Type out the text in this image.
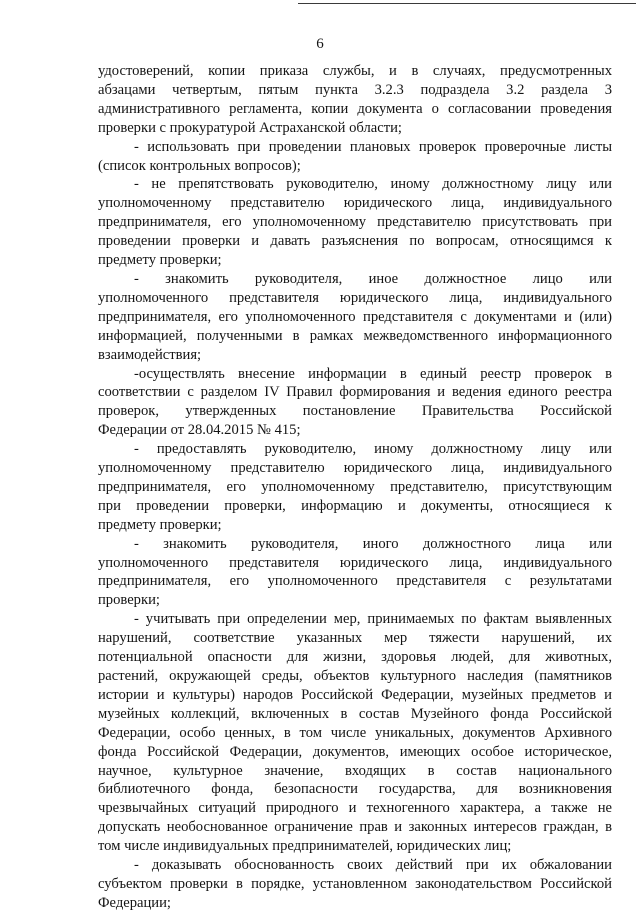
6

удостоверений, копии приказа службы, и в случаях, предусмотренных

абзацами четвертым, пятым пункта 3.2.3 подраздела 3.2 раздела 3

административного регламента, копии документа о согласовании проведения

проверки с прокуратурой Астраханской области;

- использовать при проведении плановых проверок проверочные листы

(список контрольных вопросов);

- не препятствовать руководителю, иному должностному лицу или

уполномоченному представителю юридического лица, индивидуального

предпринимателя, его уполномоченному представителю присутствовать при

проведении проверки и давать разъяснения по вопросам, относящимся к

предмету проверки;

- знакомить руководителя, иное должностное лицо или

уполномоченного представителя юридического лица, индивидуального

предпринимателя, его уполномоченного представителя с документами и (или)

информацией, полученными в рамках межведомственного информационного

взаимодействия;

-осуществлять внесение информации в единый реестр проверок в

соответствии с разделом IV Правил формирования и ведения единого реестра

проверок, утвержденных постановление Правительства Российской

Федерации от 28.04.2015 № 415;

- предоставлять руководителю, иному должностному лицу или

уполномоченному представителю юридического лица, индивидуального

предпринимателя, его уполномоченному представителю, присутствующим

при проведении проверки, информацию и документы, относящиеся к

предмету проверки;

- знакомить руководителя, иного должностного лица или

уполномоченного представителя юридического лица, индивидуального

предпринимателя, его уполномоченного представителя с результатами

проверки;

- учитывать при определении мер, принимаемых по фактам выявленных

нарушений, соответствие указанных мер тяжести нарушений, их

потенциальной опасности для жизни, здоровья людей, для животных,

растений, окружающей среды, объектов культурного наследия (памятников

истории и культуры) народов Российской Федерации, музейных предметов и

музейных коллекций, включенных в состав Музейного фонда Российской

Федерации, особо ценных, в том числе уникальных, документов Архивного

фонда Российской Федерации, документов, имеющих особое историческое,

научное, культурное значение, входящих в состав национального

библиотечного фонда, безопасности государства, для возникновения

чрезвычайных ситуаций природного и техногенного характера, а также не

допускать необоснованное ограничение прав и законных интересов граждан, в

том числе индивидуальных предпринимателей, юридических лиц;

- доказывать обоснованность своих действий при их обжаловании

субъектом проверки в порядке, установленном законодательством Российской

Федерации;
